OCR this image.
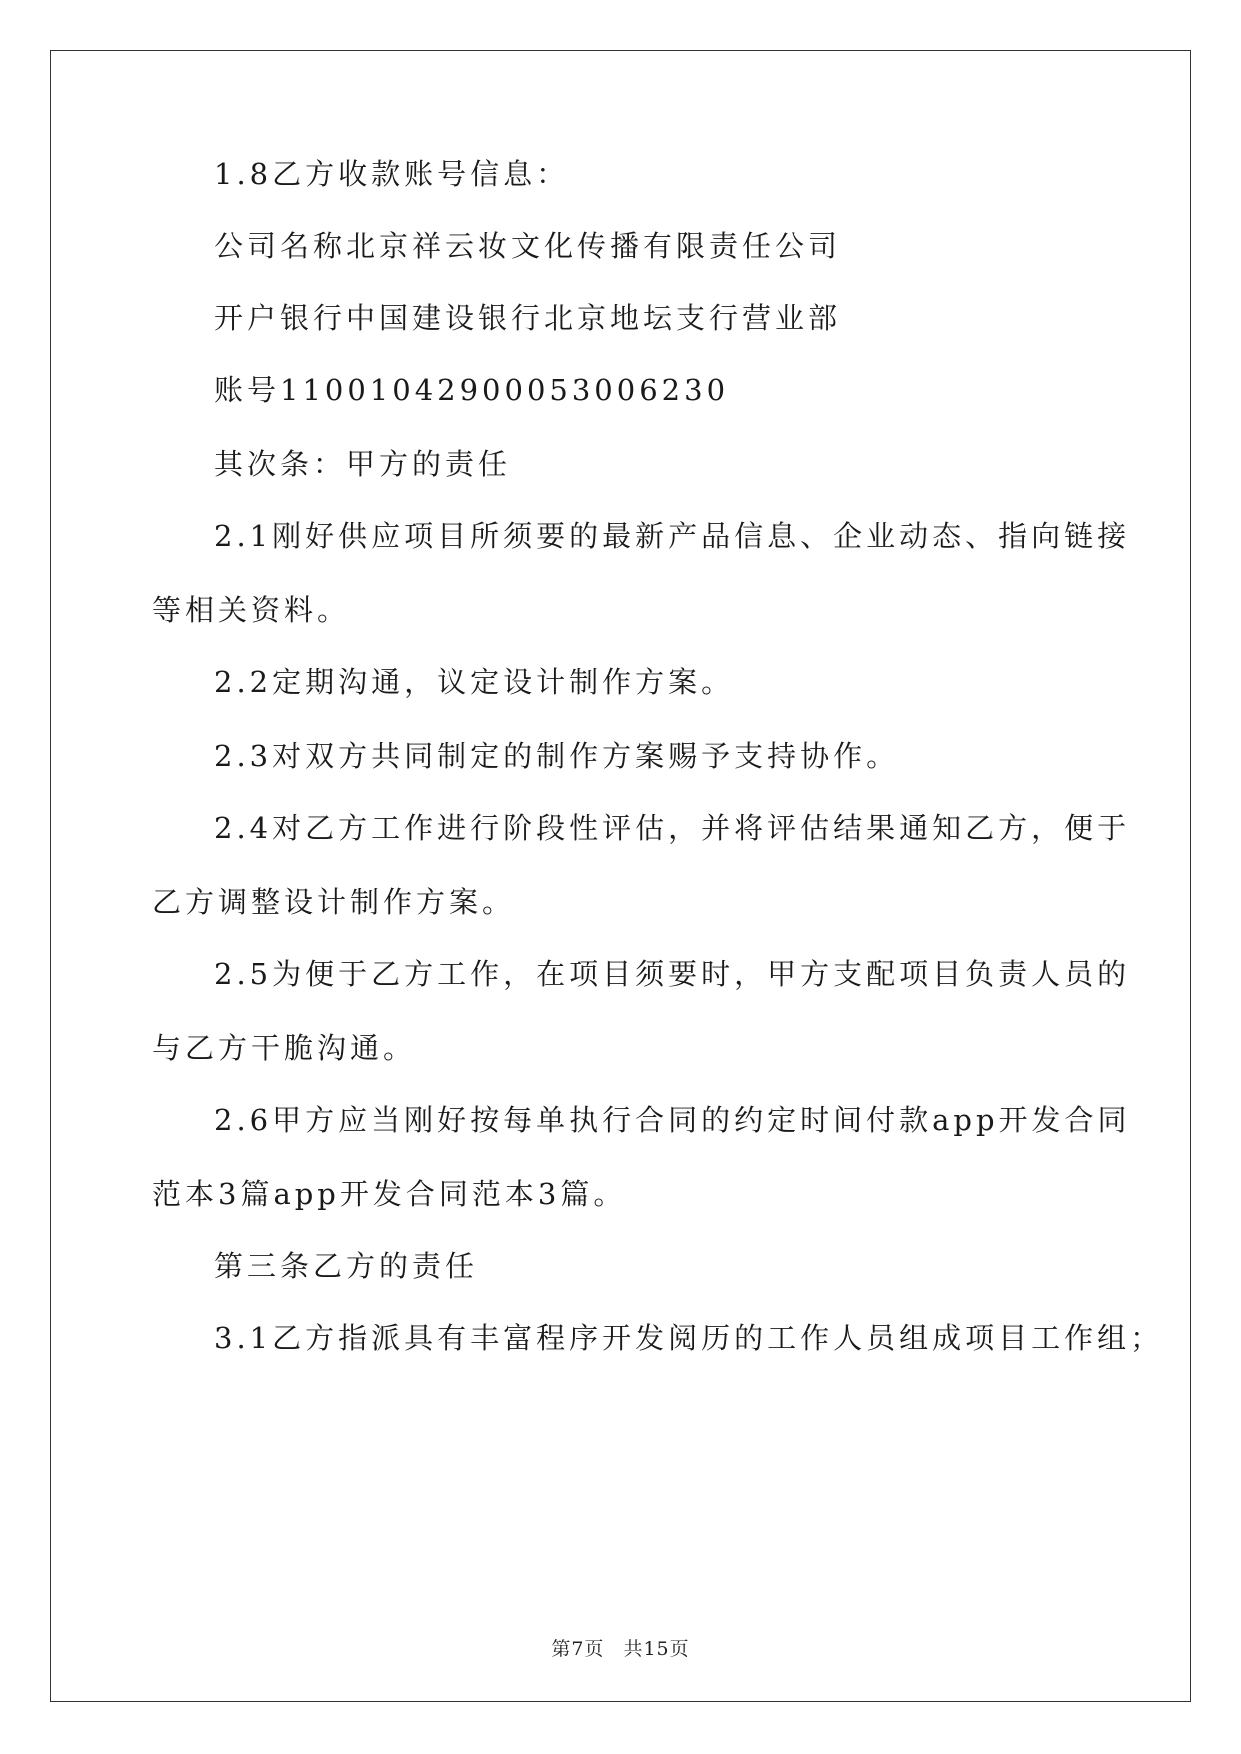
1.8乙方收款账号信息：
公司名称北京祥云妆文化传播有限责任公司
开户银行中国建设银行北京地坛支行营业部
账号11001042900053006230
其次条：甲方的责任
2.1刚好供应项目所须要的最新产品信息、企业动态、指向链接
等相关资料。
2.2定期沟通，议定设计制作方案。
2.3对双方共同制定的制作方案赐予支持协作。
2.4对乙方工作进行阶段性评估，并将评估结果通知乙方，便于
乙方调整设计制作方案。
2.5为便于乙方工作，在项目须要时，甲方支配项目负责人员的
与乙方干脆沟通。
2.6甲方应当刚好按每单执行合同的约定时间付款app开发合同
范本3篇app开发合同范本3篇。
第三条乙方的责任
3.1乙方指派具有丰富程序开发阅历的工作人员组成项目工作组；
第7页 共15页
